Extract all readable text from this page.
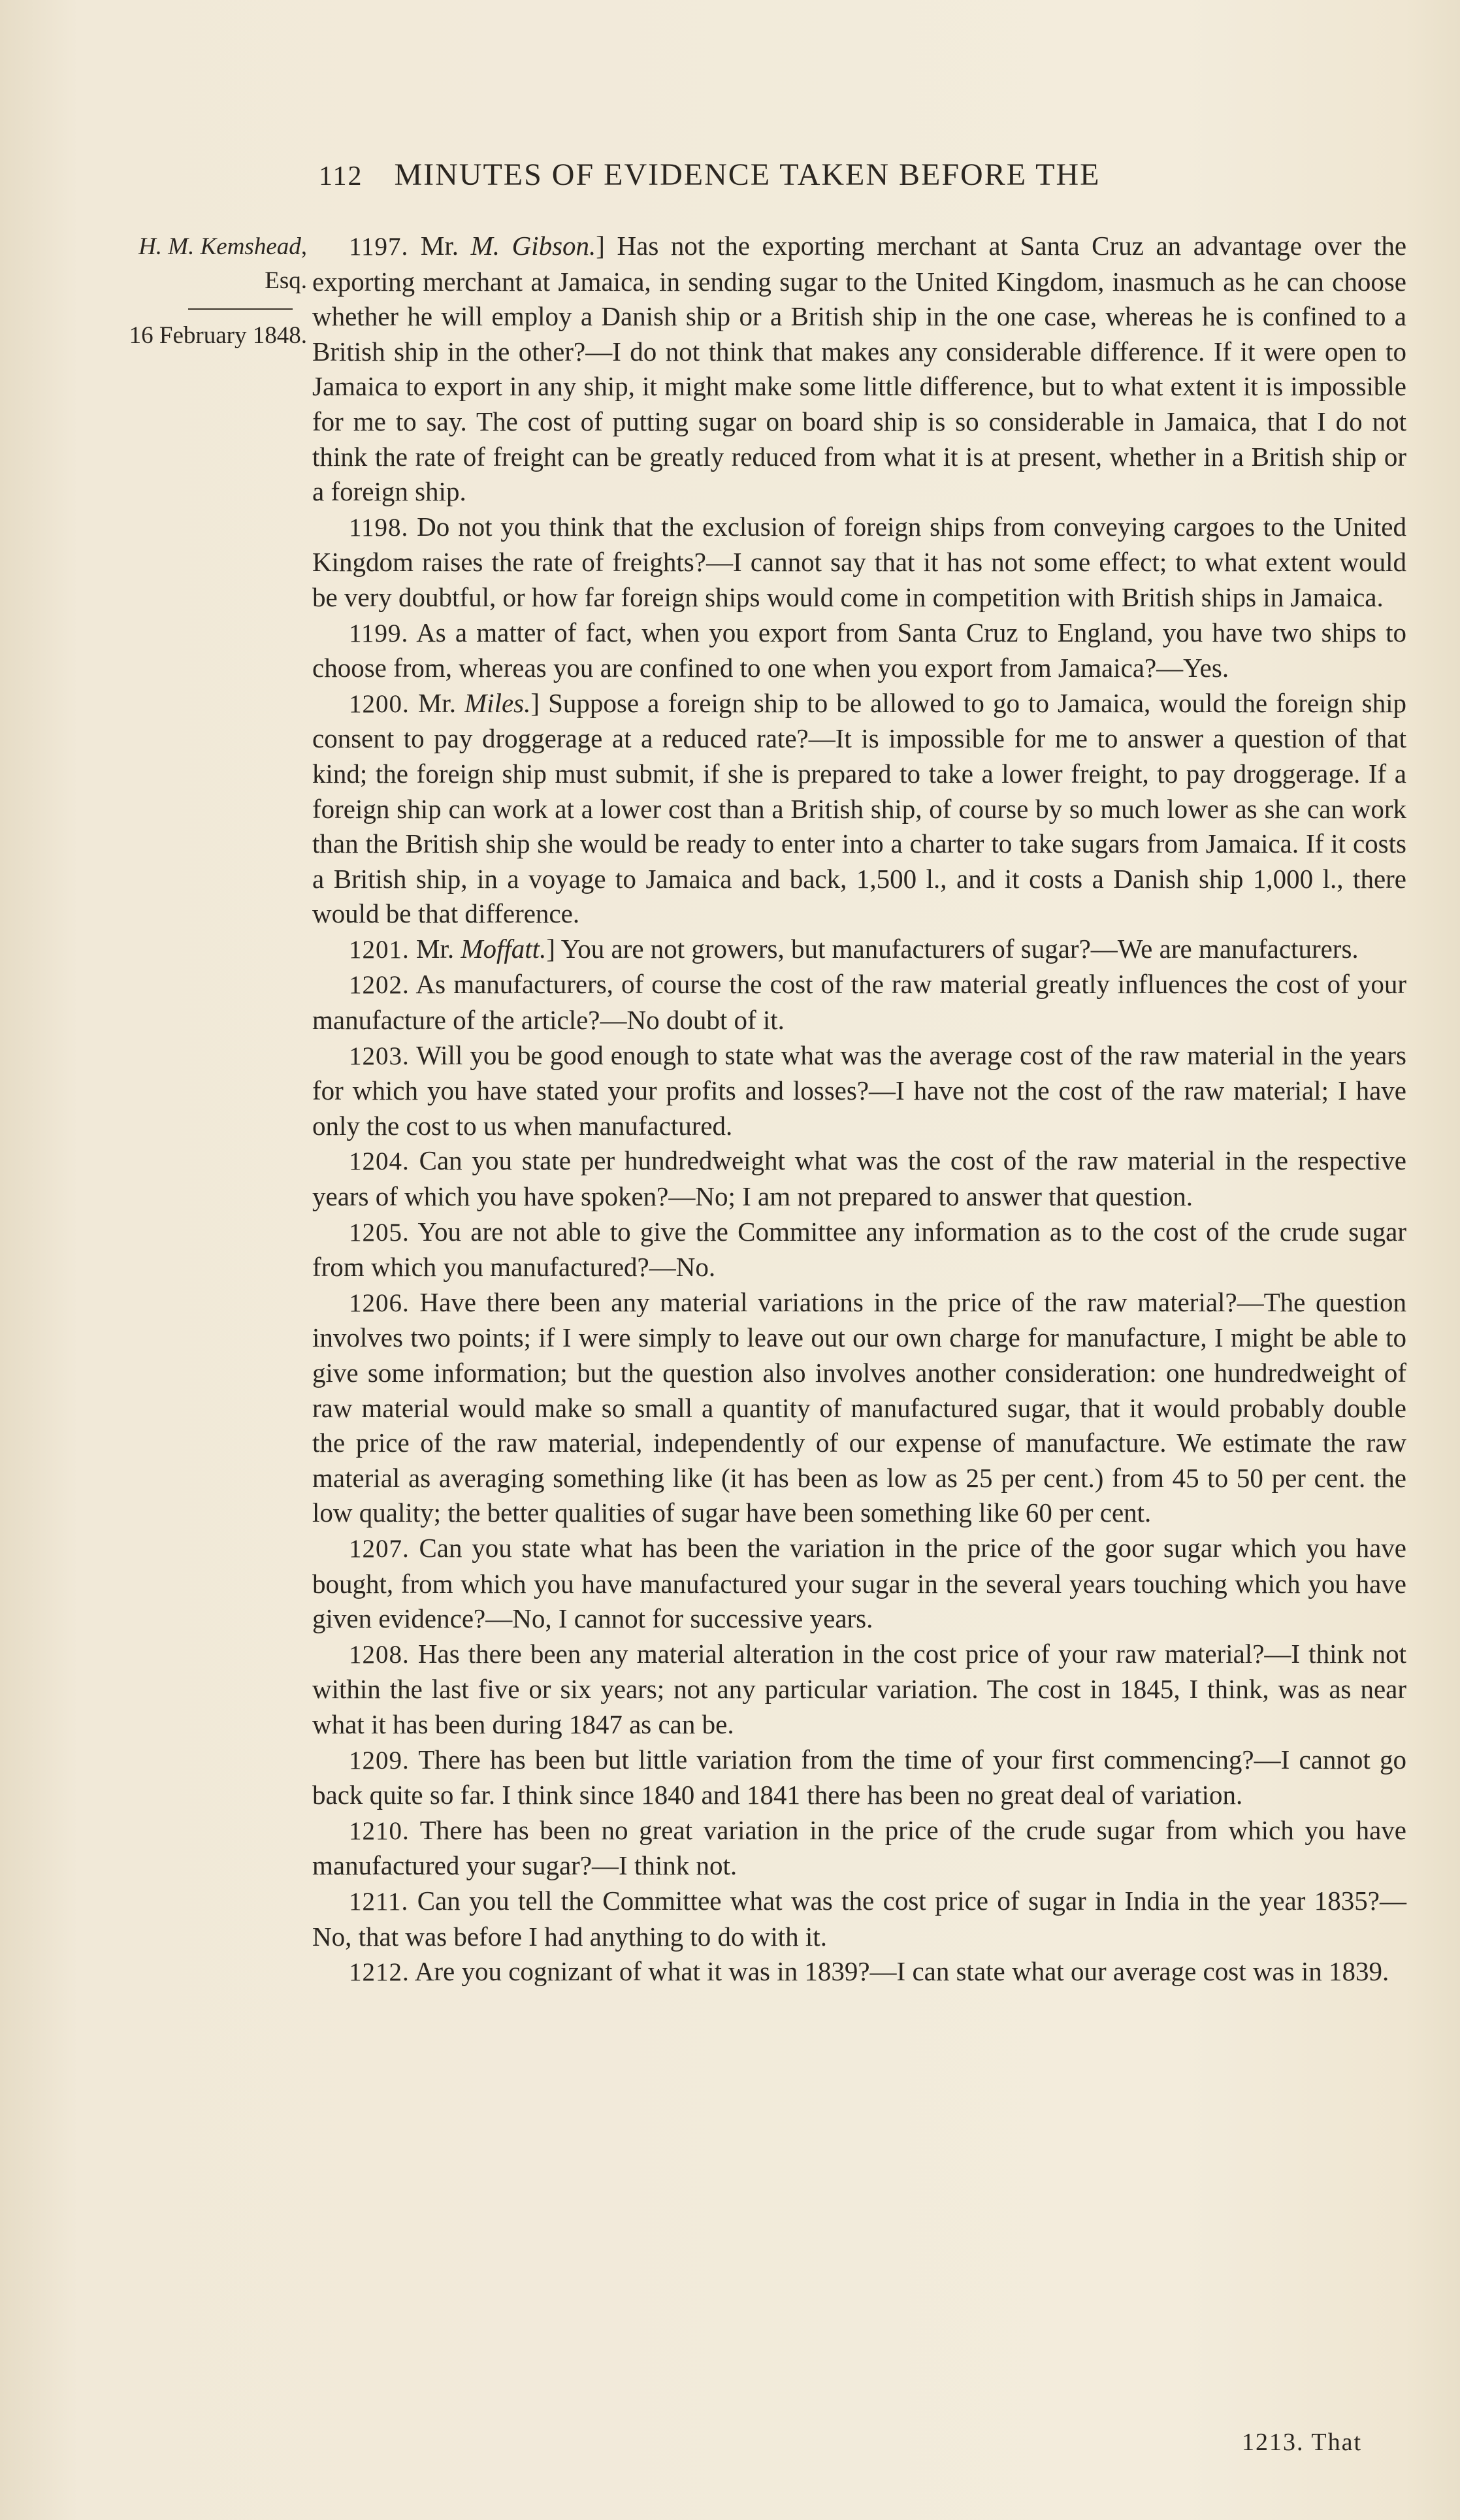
112 MINUTES OF EVIDENCE TAKEN BEFORE THE
H. M. Kemshead,
Esq.
16 February 1848.

1197. Mr. M. Gibson.] Has not the exporting merchant at Santa Cruz an advantage over the exporting merchant at Jamaica, in sending sugar to the United Kingdom, inasmuch as he can choose whether he will employ a Danish ship or a British ship in the one case, whereas he is confined to a British ship in the other?—I do not think that makes any considerable difference. If it were open to Jamaica to export in any ship, it might make some little difference, but to what extent it is impossible for me to say. The cost of putting sugar on board ship is so considerable in Jamaica, that I do not think the rate of freight can be greatly reduced from what it is at present, whether in a British ship or a foreign ship.

1198. Do not you think that the exclusion of foreign ships from conveying cargoes to the United Kingdom raises the rate of freights?—I cannot say that it has not some effect; to what extent would be very doubtful, or how far foreign ships would come in competition with British ships in Jamaica.

1199. As a matter of fact, when you export from Santa Cruz to England, you have two ships to choose from, whereas you are confined to one when you export from Jamaica?—Yes.

1200. Mr. Miles.] Suppose a foreign ship to be allowed to go to Jamaica, would the foreign ship consent to pay droggerage at a reduced rate?—It is impossible for me to answer a question of that kind; the foreign ship must submit, if she is prepared to take a lower freight, to pay droggerage. If a foreign ship can work at a lower cost than a British ship, of course by so much lower as she can work than the British ship she would be ready to enter into a charter to take sugars from Jamaica. If it costs a British ship, in a voyage to Jamaica and back, 1,500 l., and it costs a Danish ship 1,000 l., there would be that difference.

1201. Mr. Moffatt.] You are not growers, but manufacturers of sugar?—We are manufacturers.

1202. As manufacturers, of course the cost of the raw material greatly influences the cost of your manufacture of the article?—No doubt of it.

1203. Will you be good enough to state what was the average cost of the raw material in the years for which you have stated your profits and losses?—I have not the cost of the raw material; I have only the cost to us when manufactured.

1204. Can you state per hundredweight what was the cost of the raw material in the respective years of which you have spoken?—No; I am not prepared to answer that question.

1205. You are not able to give the Committee any information as to the cost of the crude sugar from which you manufactured?—No.

1206. Have there been any material variations in the price of the raw material?—The question involves two points; if I were simply to leave out our own charge for manufacture, I might be able to give some information; but the question also involves another consideration: one hundredweight of raw material would make so small a quantity of manufactured sugar, that it would probably double the price of the raw material, independently of our expense of manufacture. We estimate the raw material as averaging something like (it has been as low as 25 per cent.) from 45 to 50 per cent. the low quality; the better qualities of sugar have been something like 60 per cent.

1207. Can you state what has been the variation in the price of the goor sugar which you have bought, from which you have manufactured your sugar in the several years touching which you have given evidence?—No, I cannot for successive years.

1208. Has there been any material alteration in the cost price of your raw material?—I think not within the last five or six years; not any particular variation. The cost in 1845, I think, was as near what it has been during 1847 as can be.

1209. There has been but little variation from the time of your first commencing?—I cannot go back quite so far. I think since 1840 and 1841 there has been no great deal of variation.

1210. There has been no great variation in the price of the crude sugar from which you have manufactured your sugar?—I think not.

1211. Can you tell the Committee what was the cost price of sugar in India in the year 1835?—No, that was before I had anything to do with it.

1212. Are you cognizant of what it was in 1839?—I can state what our average cost was in 1839.

1213. That
